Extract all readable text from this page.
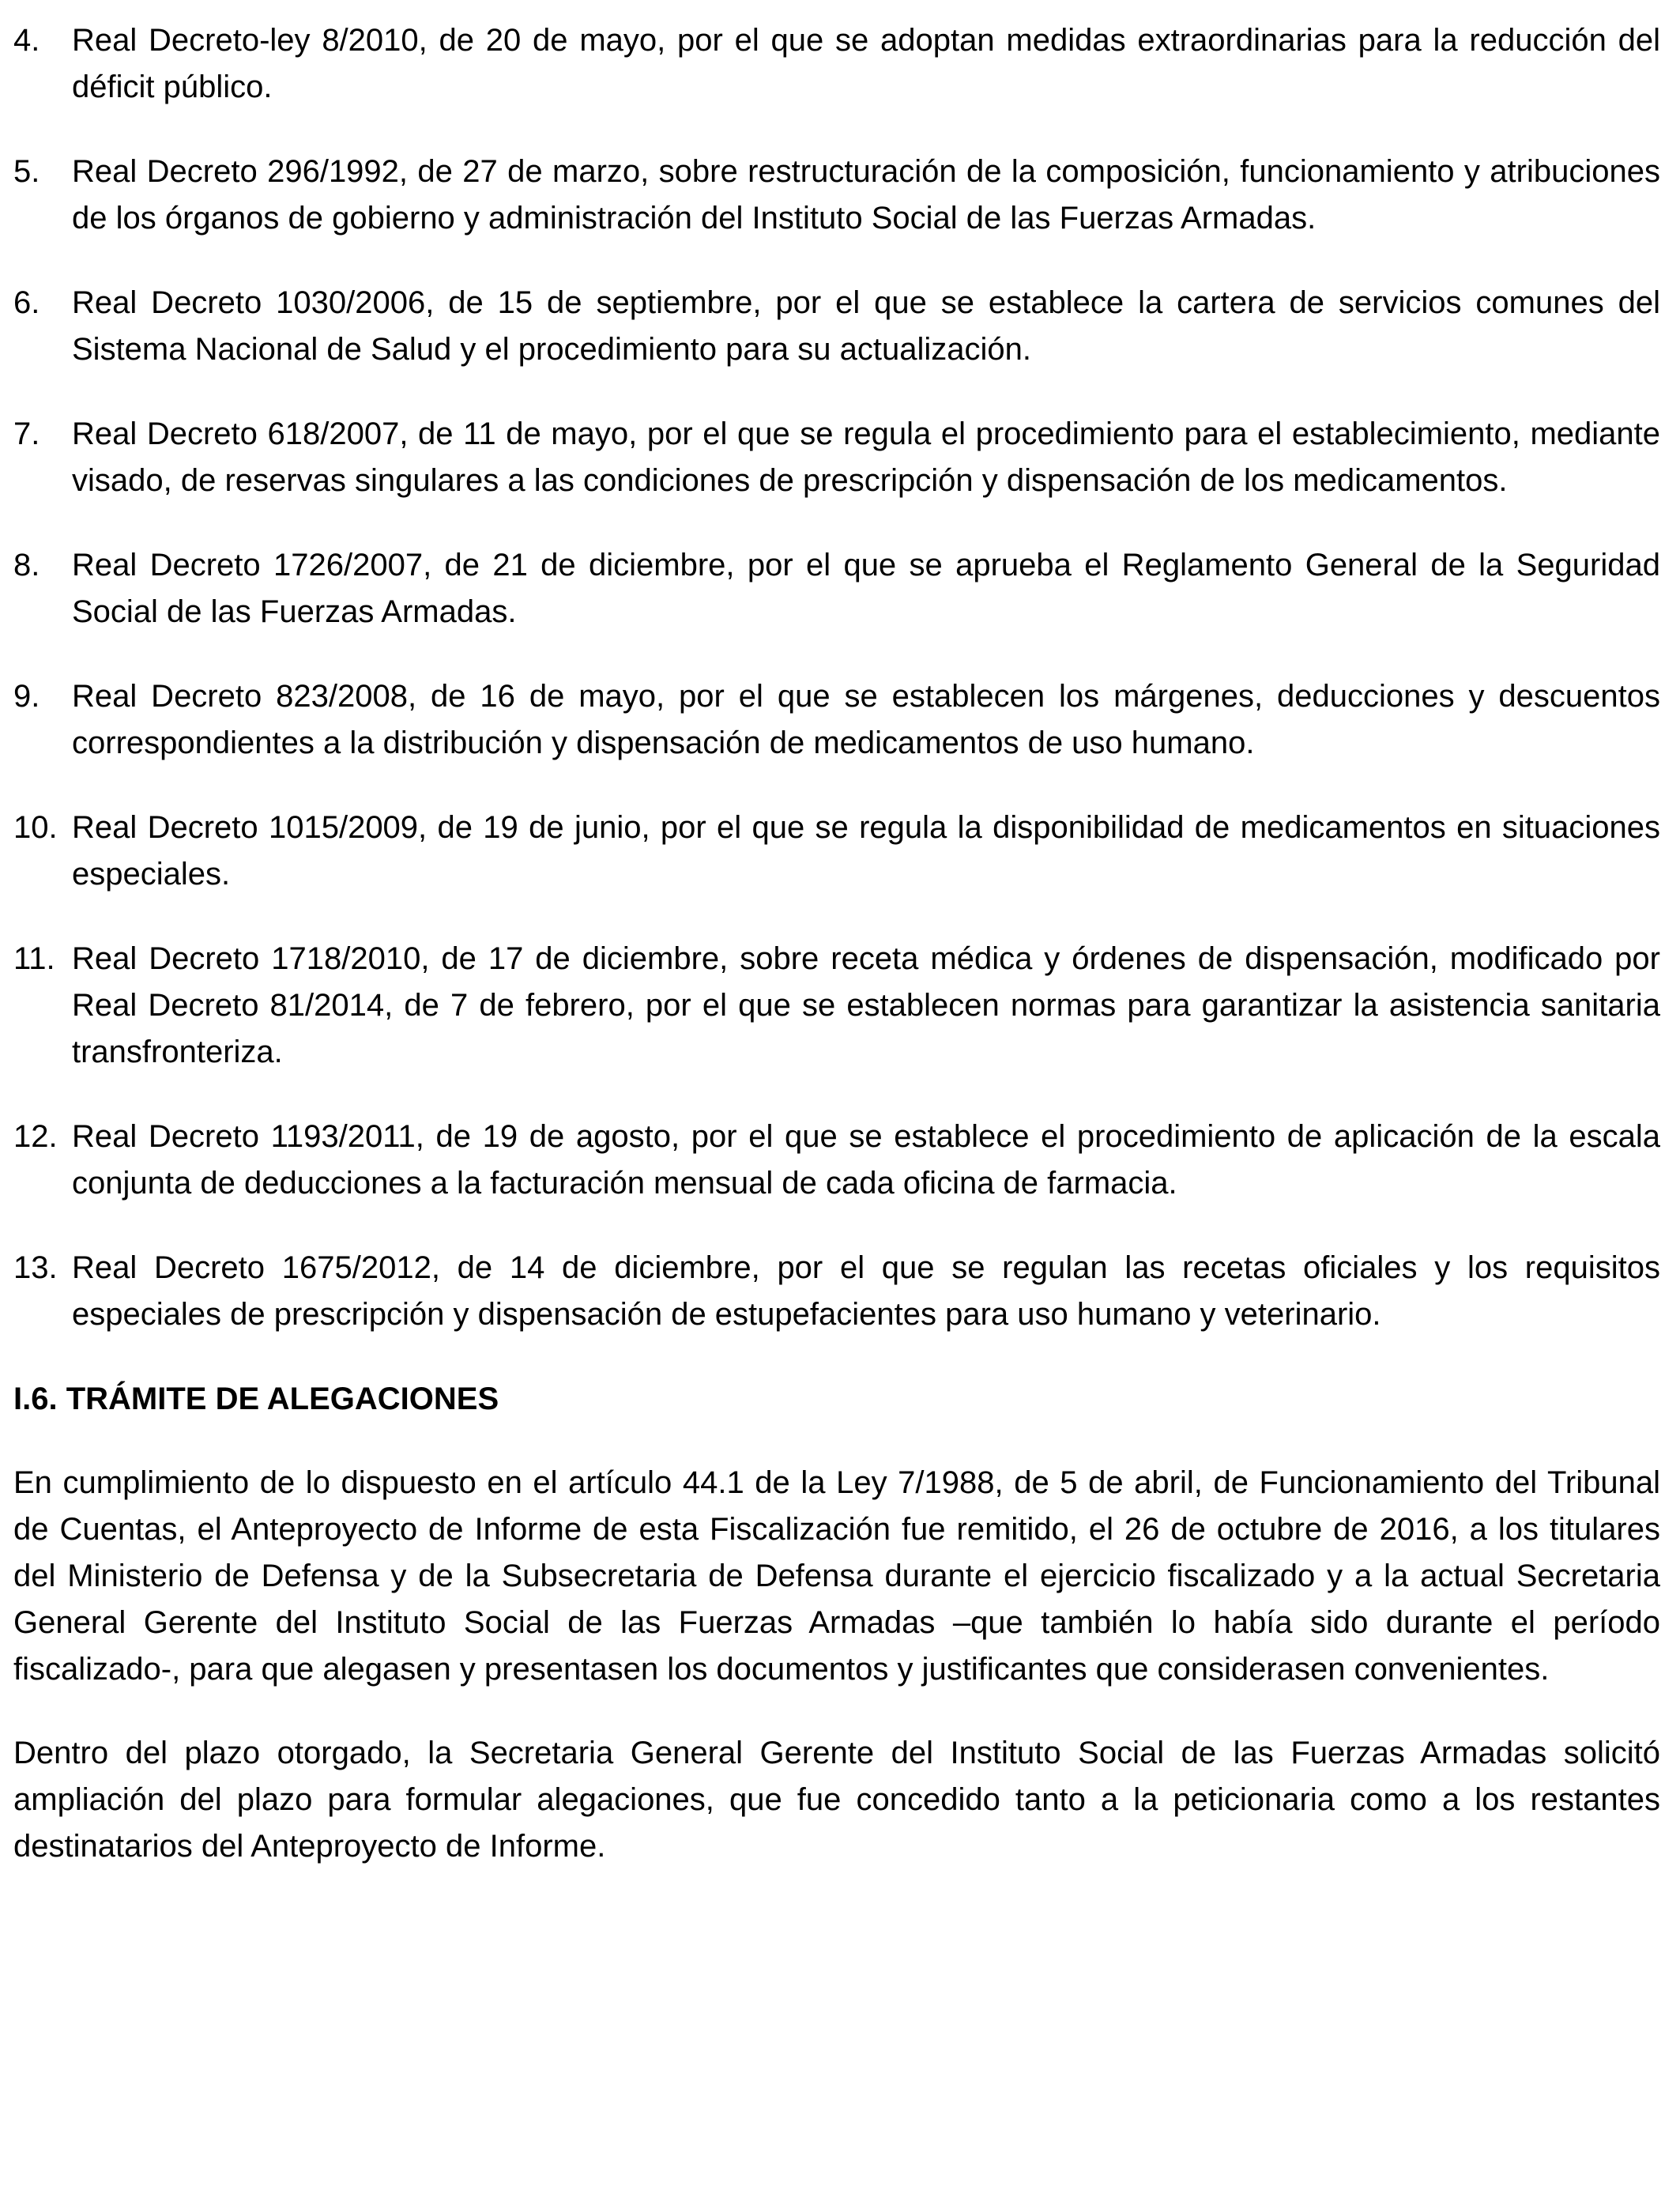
4.	Real Decreto-ley 8/2010, de 20 de mayo, por el que se adoptan medidas extraordinarias para la reducción del déficit público.
5.	Real Decreto 296/1992, de 27 de marzo, sobre restructuración de la composición, funcionamiento y atribuciones de los órganos de gobierno y administración del Instituto Social de las Fuerzas Armadas.
6.	Real Decreto 1030/2006, de 15 de septiembre, por el que se establece la cartera de servicios comunes del Sistema Nacional de Salud y el procedimiento para su actualización.
7.	Real Decreto 618/2007, de 11 de mayo, por el que se regula el procedimiento para el establecimiento, mediante visado, de reservas singulares a las condiciones de prescripción y dispensación de los medicamentos.
8.	Real Decreto 1726/2007, de 21 de diciembre, por el que se aprueba el Reglamento General de la Seguridad Social de las Fuerzas Armadas.
9.	Real Decreto 823/2008, de 16 de mayo, por el que se establecen los márgenes, deducciones y descuentos correspondientes a la distribución y dispensación de medicamentos de uso humano.
10. Real Decreto 1015/2009, de 19 de junio, por el que se regula la disponibilidad de medicamentos en situaciones especiales.
11. Real Decreto 1718/2010, de 17 de diciembre, sobre receta médica y órdenes de dispensación, modificado por Real Decreto 81/2014, de 7 de febrero, por el que se establecen normas para garantizar la asistencia sanitaria transfronteriza.
12. Real Decreto 1193/2011, de 19 de agosto, por el que se establece el procedimiento de aplicación de la escala conjunta de deducciones a la facturación mensual de cada oficina de farmacia.
13. Real Decreto 1675/2012, de 14 de diciembre, por el que se regulan las recetas oficiales y los requisitos especiales de prescripción y dispensación de estupefacientes para uso humano y veterinario.
I.6. TRÁMITE DE ALEGACIONES

En cumplimiento de lo dispuesto en el artículo 44.1 de la Ley 7/1988, de 5 de abril, de Funcionamiento del Tribunal de Cuentas, el Anteproyecto de Informe de esta Fiscalización fue remitido, el 26 de octubre de 2016, a los titulares del Ministerio de Defensa y de la Subsecretaria de Defensa durante el ejercicio fiscalizado y a la actual Secretaria General Gerente del Instituto Social de las Fuerzas Armadas –que también lo había sido durante el período fiscalizado-, para que alegasen y presentasen los documentos y justificantes que considerasen convenientes.

Dentro del plazo otorgado, la Secretaria General Gerente del Instituto Social de las Fuerzas Armadas solicitó ampliación del plazo para formular alegaciones, que fue concedido tanto a la peticionaria como a los restantes destinatarios del Anteproyecto de Informe.
